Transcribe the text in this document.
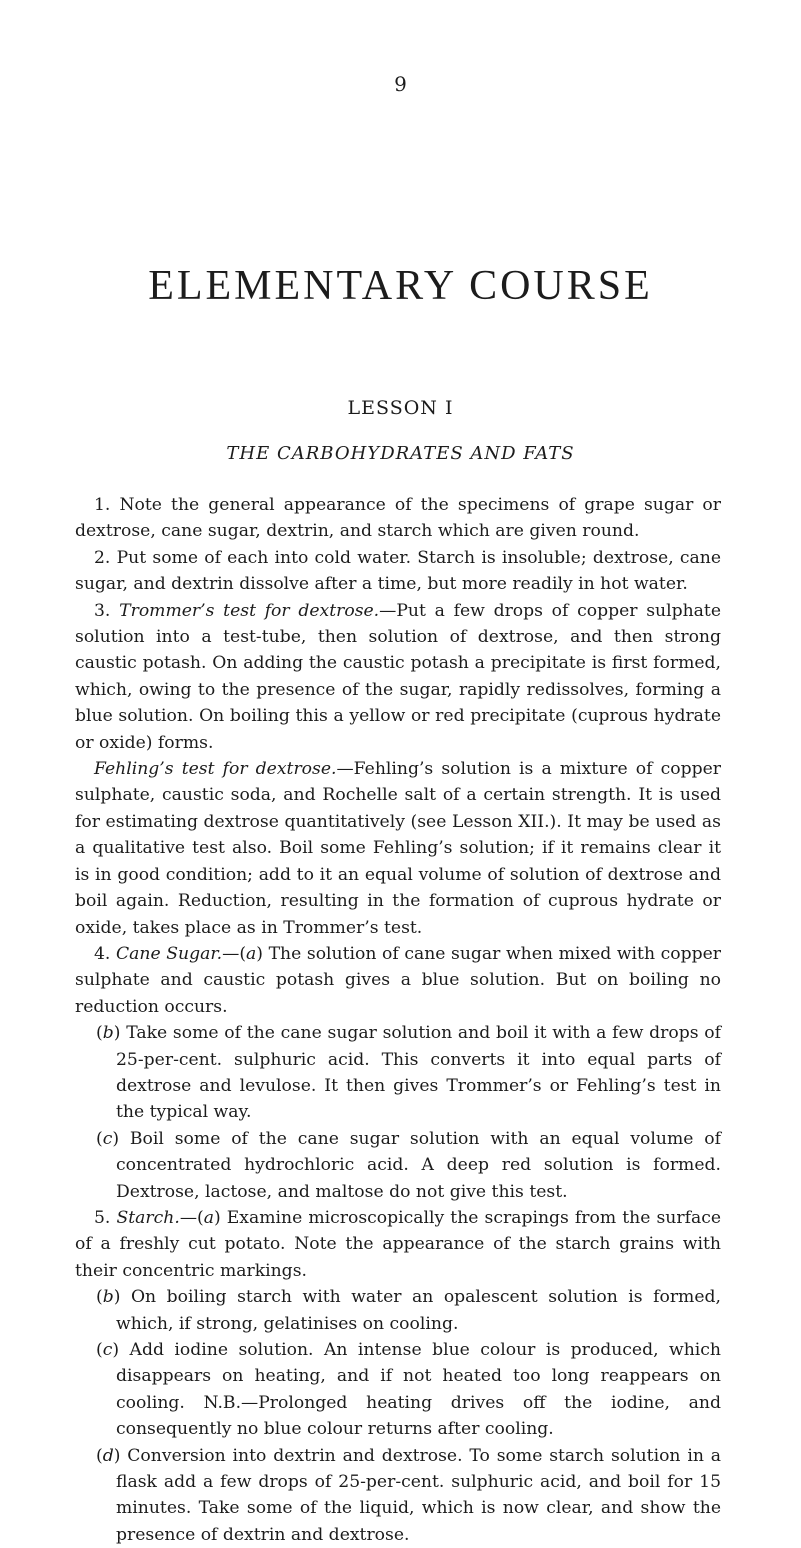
9
ELEMENTARY COURSE
LESSON I
THE CARBOHYDRATES AND FATS

1. Note the general appearance of the specimens of grape sugar or dextrose, cane sugar, dextrin, and starch which are given round.

2. Put some of each into cold water. Starch is insoluble; dextrose, cane sugar, and dextrin dissolve after a time, but more readily in hot water.

3. Trommer’s test for dextrose.—Put a few drops of copper sulphate solution into a test-tube, then solution of dextrose, and then strong caustic potash. On adding the caustic potash a precipitate is first formed, which, owing to the presence of the sugar, rapidly redissolves, forming a blue solution. On boiling this a yellow or red precipitate (cuprous hydrate or oxide) forms.

Fehling’s test for dextrose.—Fehling’s solution is a mixture of copper sulphate, caustic soda, and Rochelle salt of a certain strength. It is used for estimating dextrose quantitatively (see Lesson XII.). It may be used as a qualitative test also. Boil some Fehling’s solution; if it remains clear it is in good condition; add to it an equal volume of solution of dextrose and boil again. Reduction, resulting in the formation of cuprous hydrate or oxide, takes place as in Trommer’s test.

4. Cane Sugar.—(a) The solution of cane sugar when mixed with copper sulphate and caustic potash gives a blue solution. But on boiling no reduction occurs.

(b) Take some of the cane sugar solution and boil it with a few drops of 25-per-cent. sulphuric acid. This converts it into equal parts of dextrose and levulose. It then gives Trommer’s or Fehling’s test in the typical way.

(c) Boil some of the cane sugar solution with an equal volume of concentrated hydrochloric acid. A deep red solution is formed. Dextrose, lactose, and maltose do not give this test.

5. Starch.—(a) Examine microscopically the scrapings from the surface of a freshly cut potato. Note the appearance of the starch grains with their concentric markings.

(b) On boiling starch with water an opalescent solution is formed, which, if strong, gelatinises on cooling.

(c) Add iodine solution. An intense blue colour is produced, which disappears on heating, and if not heated too long reappears on cooling. N.B.—Prolonged heating drives off the iodine, and consequently no blue colour returns after cooling.

(d) Conversion into dextrin and dextrose. To some starch solution in a flask add a few drops of 25-per-cent. sulphuric acid, and boil for 15 minutes. Take some of the liquid, which is now clear, and show the presence of dextrin and dextrose.
